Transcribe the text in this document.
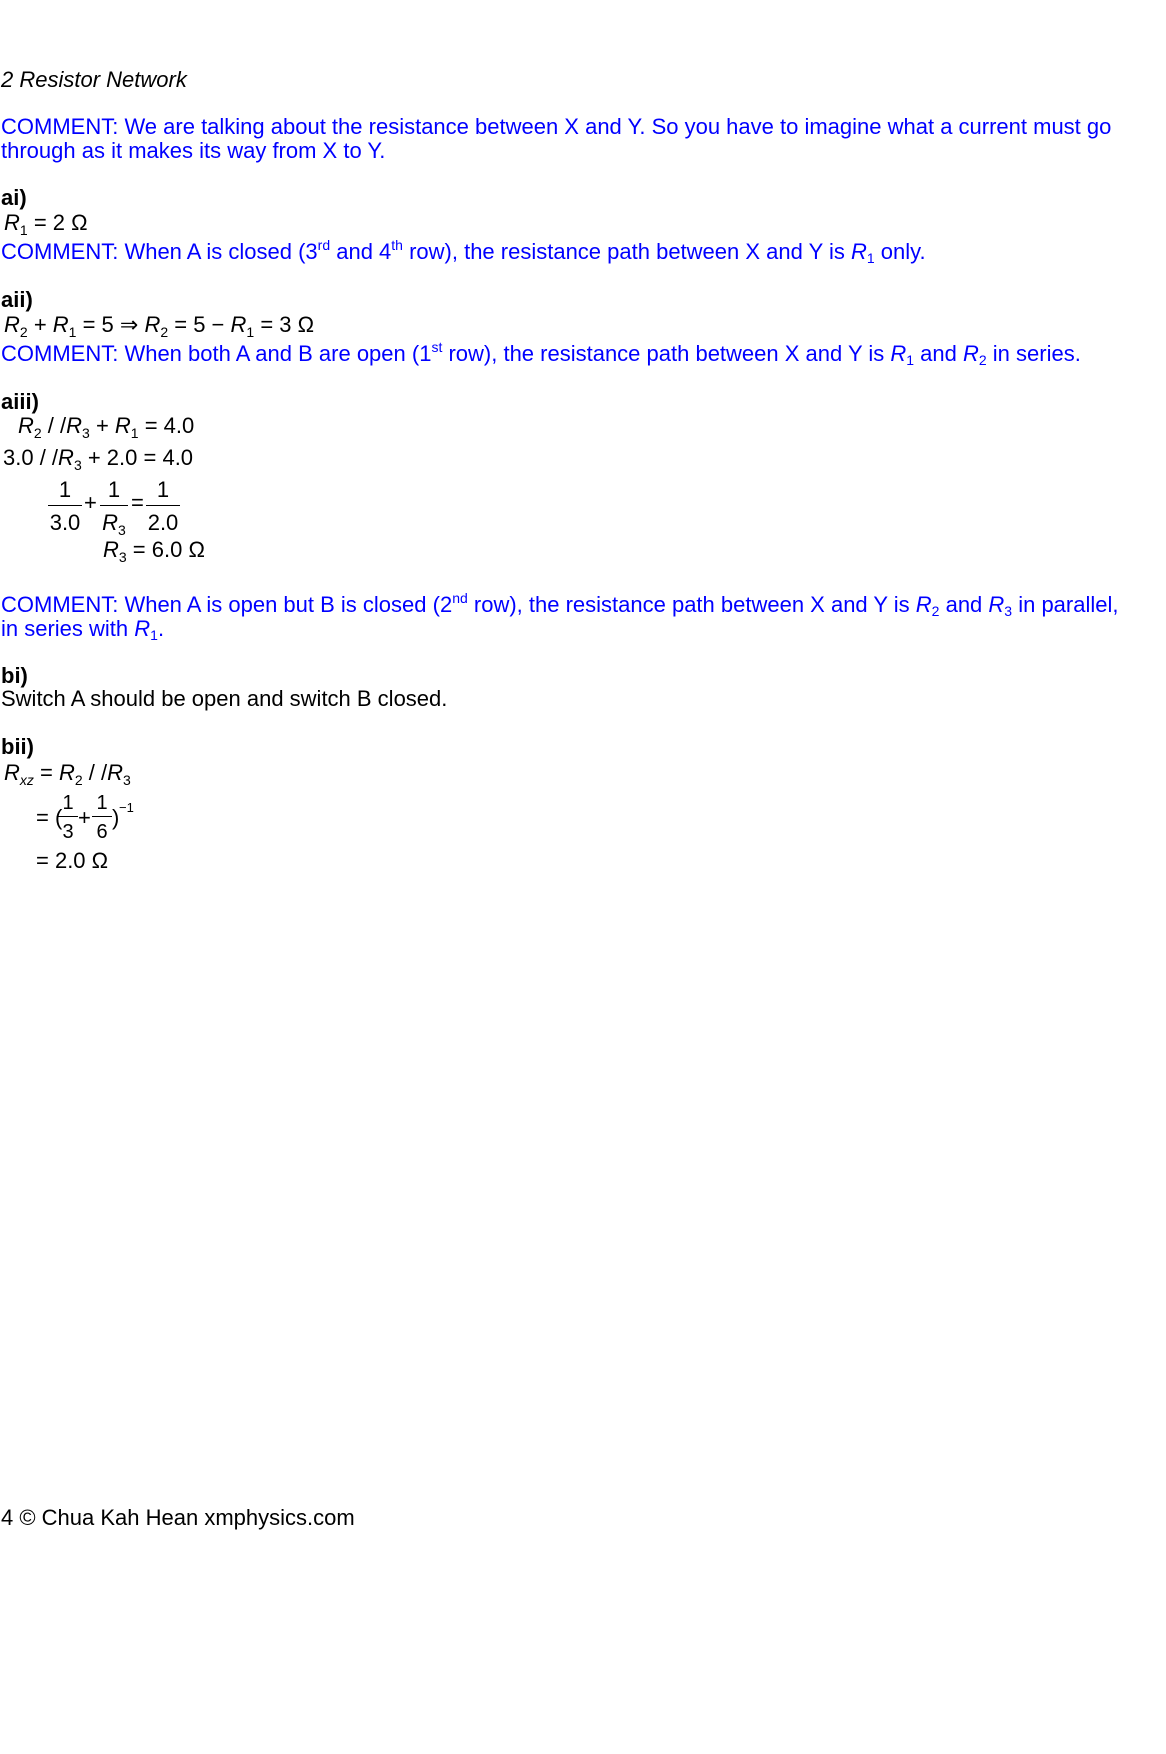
2 Resistor Network
COMMENT: We are talking about the resistance between X and Y. So you have to imagine what a current must go
through as it makes its way from X to Y.
ai)
$R_1 = 2$ Ω
COMMENT: When A is closed (3rd and 4th row), the resistance path between X and Y is $R_1$ only.
aii)
$R_2 + R_1 = 5$ ⇒ $R_2 = 5 - R_1 = 3$ Ω
COMMENT: When both A and B are open (1st row), the resistance path between X and Y is $R_1$ and $R_2$ in series.
aiii)
$R_2 / /R_3 + R_1 = 4.0$
$3.0 / /R_3 + 2.0 = 4.0$
1
3.0
+
1
$R_3$
=
1
2.0
$R_3 = 6.0$ Ω
COMMENT: When A is open but B is closed (2nd row), the resistance path between X and Y is $R_2$ and $R_3$ in parallel,
in series with $R_1$.
bi)
Switch A should be open and switch B closed.
bii)
$R_{xz} = R_2 / /R_3$
= (
1
3
+
1
6
) −1
= 2.0 Ω
4 © Chua Kah Hean xmphysics.com
